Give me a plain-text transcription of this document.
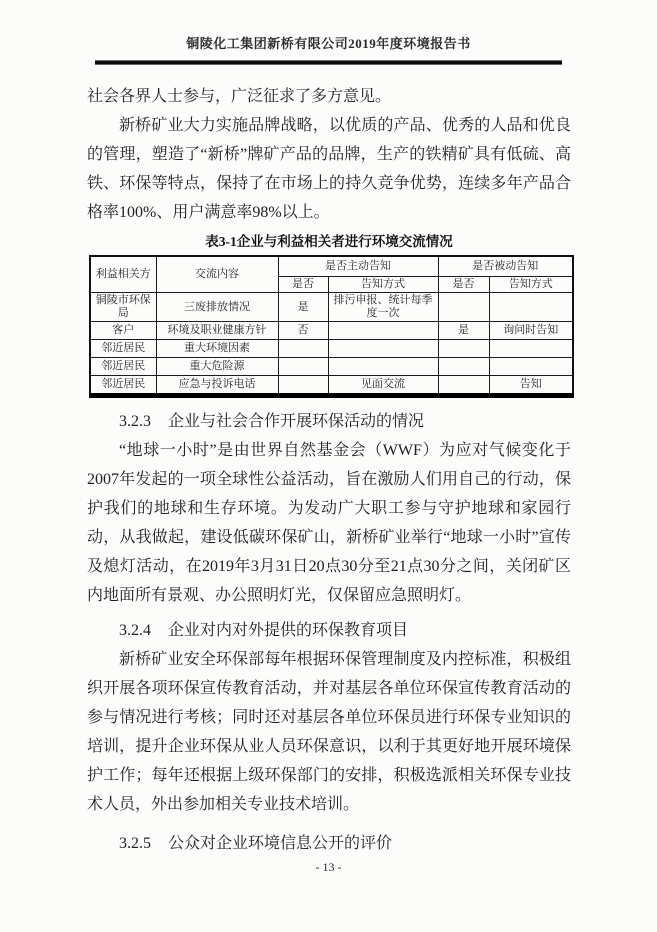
铜陵化工集团新桥有限公司2019年度环境报告书

社会各界人士参与，广泛征求了多方意见。

新桥矿业大力实施品牌战略，以优质的产品、优秀的人品和优良的管理，塑造了“新桥”牌矿产品的品牌，生产的铁精矿具有低硫、高铁、环保等特点，保持了在市场上的持久竞争优势，连续多年产品合格率100%、用户满意率98%以上。

表3-1企业与利益相关者进行环境交流情况
利益相关方	交流内容	是否主动告知		是否被动告知	
		是否	告知方式	是否	告知方式
铜陵市环保局	三废排放情况	是	排污申报、统计每季度一次		
客户	环境及职业健康方针	否		是	询问时告知
邻近居民	重大环境因素				
邻近居民	重大危险源				
邻近居民	应急与投诉电话		见面交流		告知
3.2.3 企业与社会合作开展环保活动的情况

“地球一小时”是由世界自然基金会（WWF）为应对气候变化于2007年发起的一项全球性公益活动，旨在激励人们用自己的行动，保护我们的地球和生存环境。为发动广大职工参与守护地球和家园行动，从我做起，建设低碳环保矿山，新桥矿业举行“地球一小时”宣传及熄灯活动，在2019年3月31日20点30分至21点30分之间，关闭矿区内地面所有景观、办公照明灯光，仅保留应急照明灯。

3.2.4 企业对内对外提供的环保教育项目

新桥矿业安全环保部每年根据环保管理制度及内控标准，积极组织开展各项环保宣传教育活动，并对基层各单位环保宣传教育活动的参与情况进行考核；同时还对基层各单位环保员进行环保专业知识的培训，提升企业环保从业人员环保意识，以利于其更好地开展环境保护工作；每年还根据上级环保部门的安排，积极选派相关环保专业技术人员，外出参加相关专业技术培训。

3.2.5 公众对企业环境信息公开的评价
- 13 -
